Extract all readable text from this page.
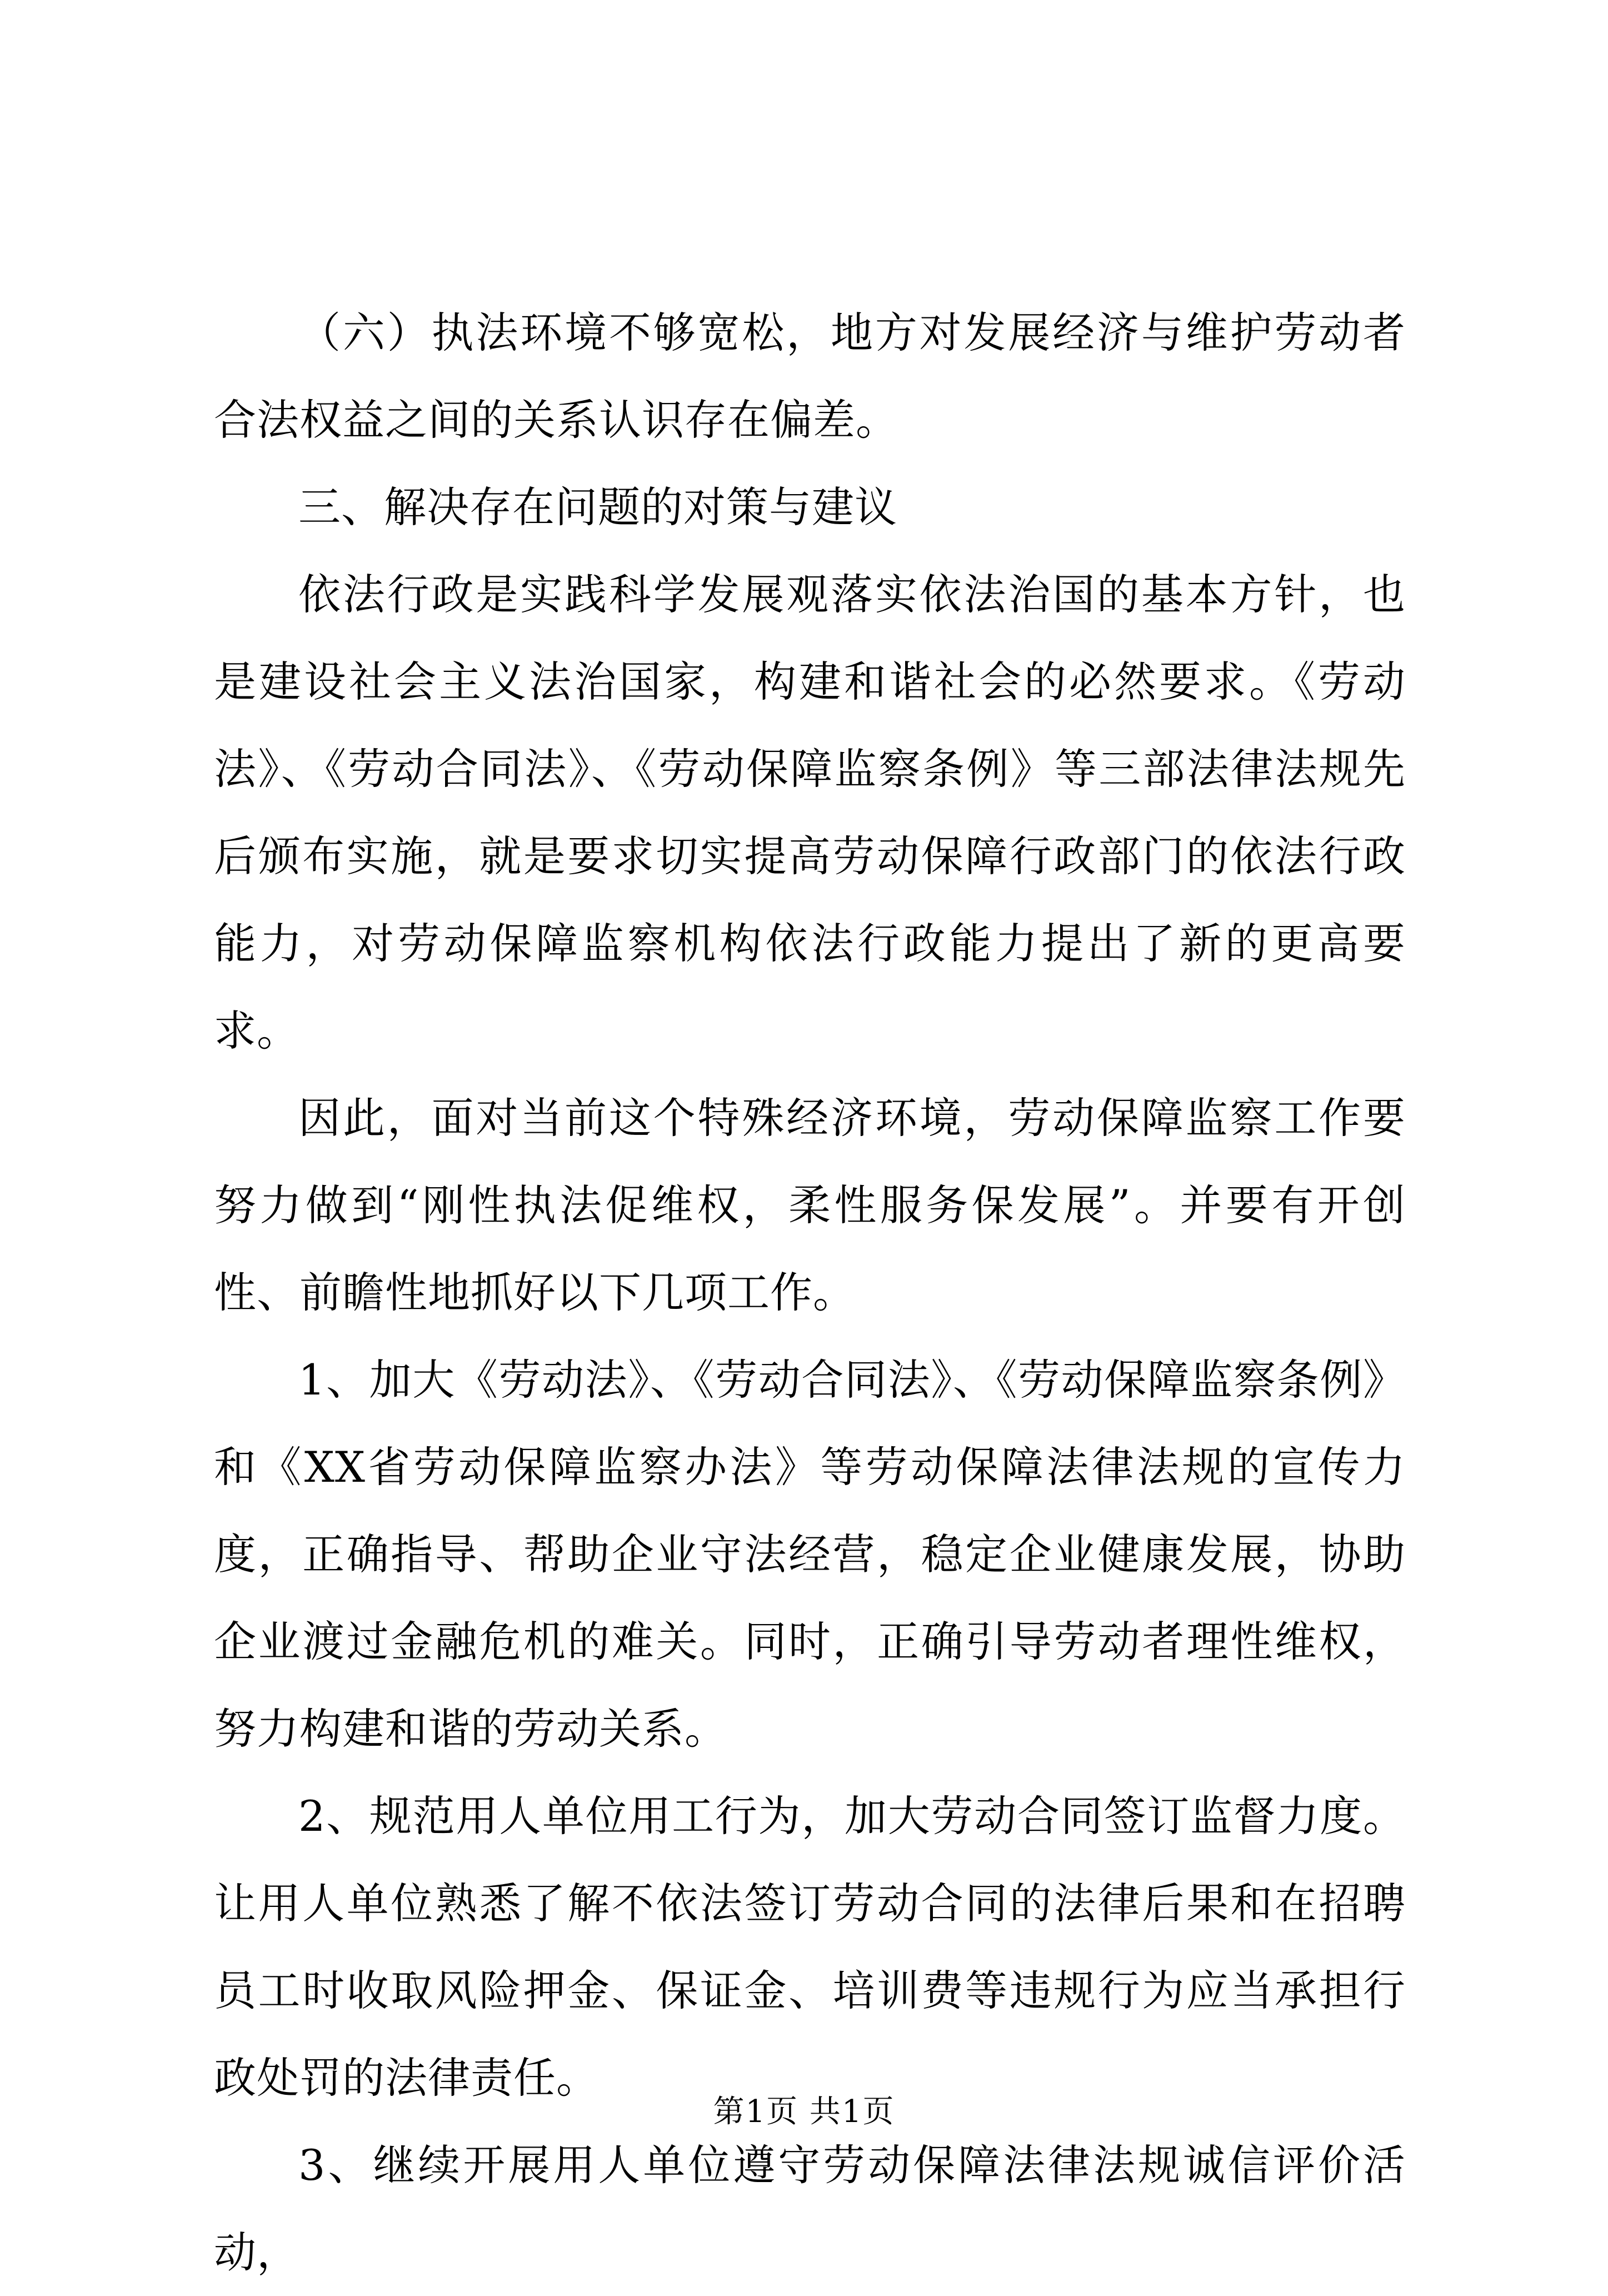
（六）执法环境不够宽松，地方对发展经济与维护劳动者合法权益之间的关系认识存在偏差。

三、解决存在问题的对策与建议

依法行政是实践科学发展观落实依法治国的基本方针，也是建设社会主义法治国家，构建和谐社会的必然要求。《劳动法》、《劳动合同法》、《劳动保障监察条例》等三部法律法规先后颁布实施，就是要求切实提高劳动保障行政部门的依法行政能力，对劳动保障监察机构依法行政能力提出了新的更高要求。

因此，面对当前这个特殊经济环境，劳动保障监察工作要努力做到“刚性执法促维权，柔性服务保发展”。并要有开创性、前瞻性地抓好以下几项工作。

1、加大《劳动法》、《劳动合同法》、《劳动保障监察条例》和《XX省劳动保障监察办法》等劳动保障法律法规的宣传力度，正确指导、帮助企业守法经营，稳定企业健康发展，协助企业渡过金融危机的难关。同时，正确引导劳动者理性维权，努力构建和谐的劳动关系。

2、规范用人单位用工行为，加大劳动合同签订监督力度。让用人单位熟悉了解不依法签订劳动合同的法律后果和在招聘员工时收取风险押金、保证金、培训费等违规行为应当承担行政处罚的法律责任。

3、继续开展用人单位遵守劳动保障法律法规诚信评价活动，

第1页 共1页
